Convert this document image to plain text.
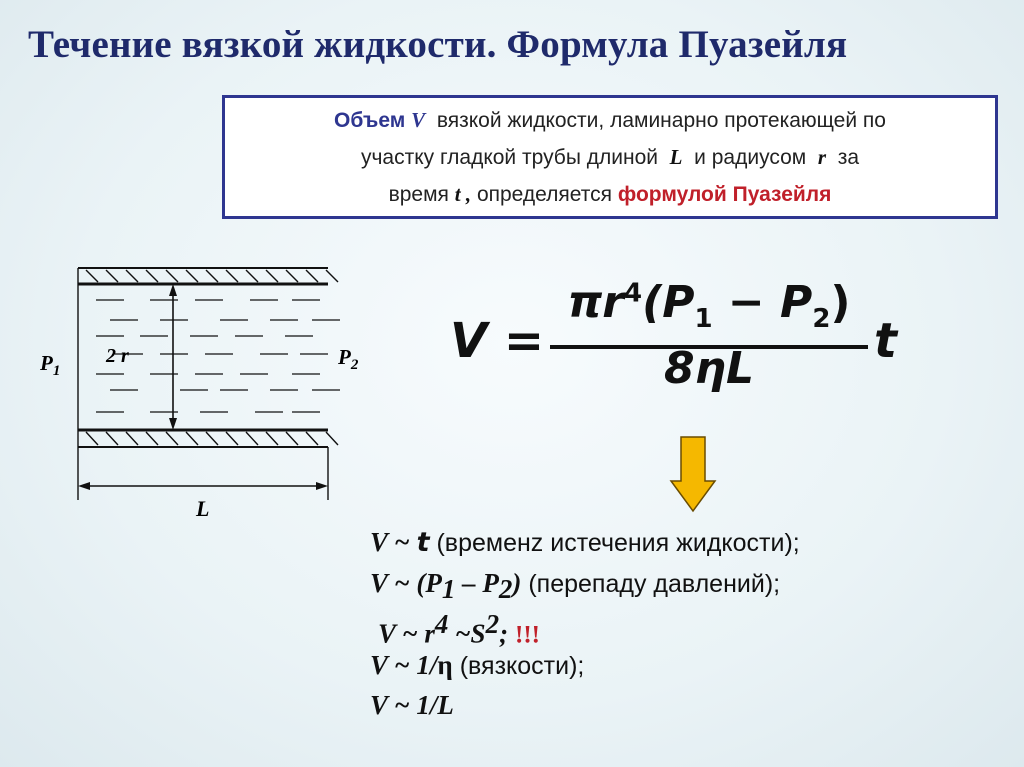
Течение вязкой жидкости. Формула Пуазейля
Объем V вязкой жидкости, ламинарно протекающей по
участку гладкой трубы длиной L и радиусом r за
время t , определяется формулой Пуазейля
$P_1$
$P_2$
2 r
L
V =
$\pi r^4(P_1 - P_2)$
8ηL	t
V ~ t (временz истечения жидкости);
V ~ $(P_1 - P_2)$ (перепаду давлений);
V ~ $r^4$ $\sim S^2$; !!!
V ~ 1/η (вязкости);
V ~ 1/L
